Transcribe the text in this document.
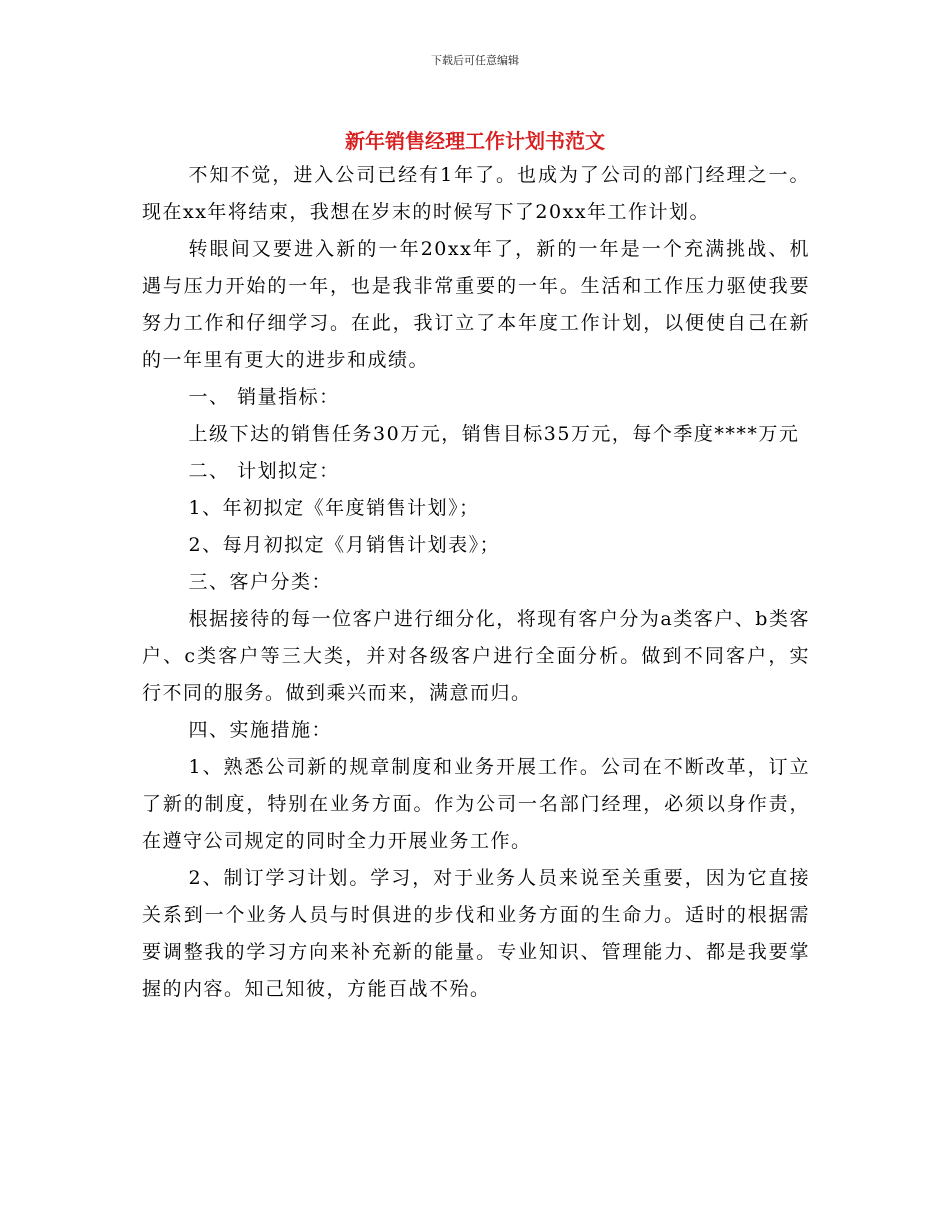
下载后可任意编辑
新年销售经理工作计划书范文

不知不觉，进入公司已经有1年了。也成为了公司的部门经理之一。现在xx年将结束，我想在岁末的时候写下了20xx年工作计划。

转眼间又要进入新的一年20xx年了，新的一年是一个充满挑战、机遇与压力开始的一年，也是我非常重要的一年。生活和工作压力驱使我要努力工作和仔细学习。在此，我订立了本年度工作计划，以便使自己在新的一年里有更大的进步和成绩。

一、 销量指标：

上级下达的销售任务30万元，销售目标35万元，每个季度****万元

二、 计划拟定：

1、年初拟定《年度销售计划》；

2、每月初拟定《月销售计划表》；

三、客户分类：

根据接待的每一位客户进行细分化，将现有客户分为a类客户、b类客户、c类客户等三大类，并对各级客户进行全面分析。做到不同客户，实行不同的服务。做到乘兴而来，满意而归。

四、实施措施：

1、熟悉公司新的规章制度和业务开展工作。公司在不断改革，订立了新的制度，特别在业务方面。作为公司一名部门经理，必须以身作责，在遵守公司规定的同时全力开展业务工作。

2、制订学习计划。学习，对于业务人员来说至关重要，因为它直接关系到一个业务人员与时俱进的步伐和业务方面的生命力。适时的根据需要调整我的学习方向来补充新的能量。专业知识、管理能力、都是我要掌握的内容。知己知彼，方能百战不殆。
